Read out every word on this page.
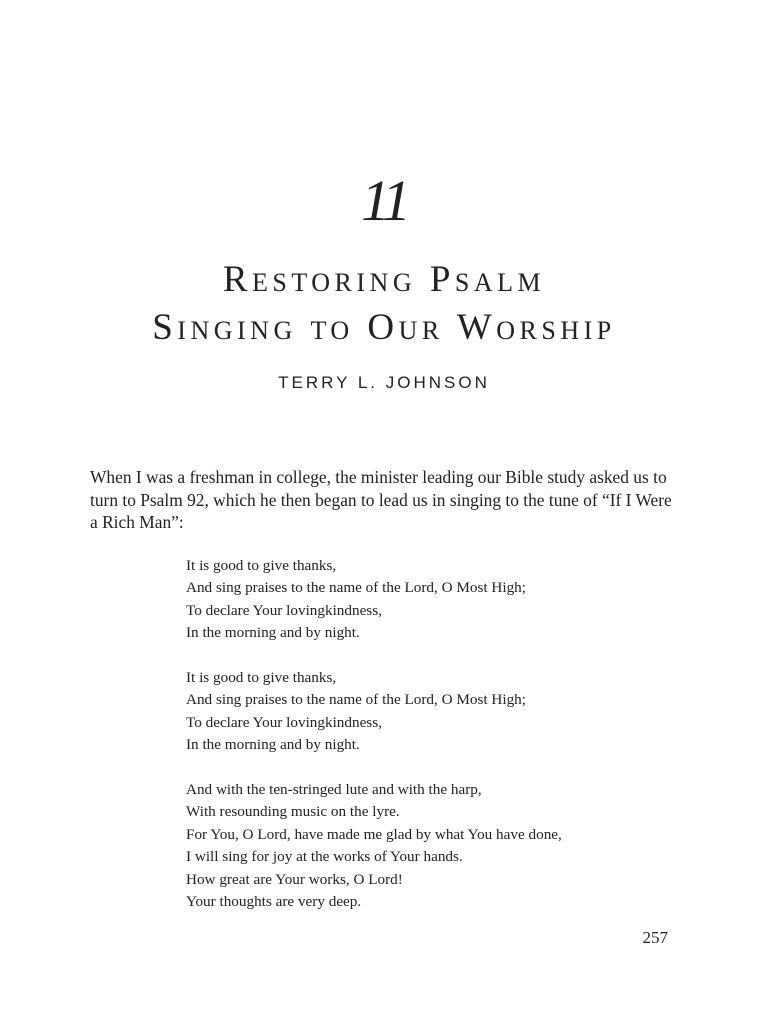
11
Restoring Psalm
Singing to Our Worship
TERRY L. JOHNSON

When I was a freshman in college, the minister leading our Bible study asked us to turn to Psalm 92, which he then began to lead us in singing to the tune of “If I Were a Rich Man”:

It is good to give thanks,
And sing praises to the name of the Lord, O Most High;
To declare Your lovingkindness,
In the morning and by night.
It is good to give thanks,
And sing praises to the name of the Lord, O Most High;
To declare Your lovingkindness,
In the morning and by night.
And with the ten-stringed lute and with the harp,
With resounding music on the lyre.
For You, O Lord, have made me glad by what You have done,
I will sing for joy at the works of Your hands.
How great are Your works, O Lord!
Your thoughts are very deep.
257
